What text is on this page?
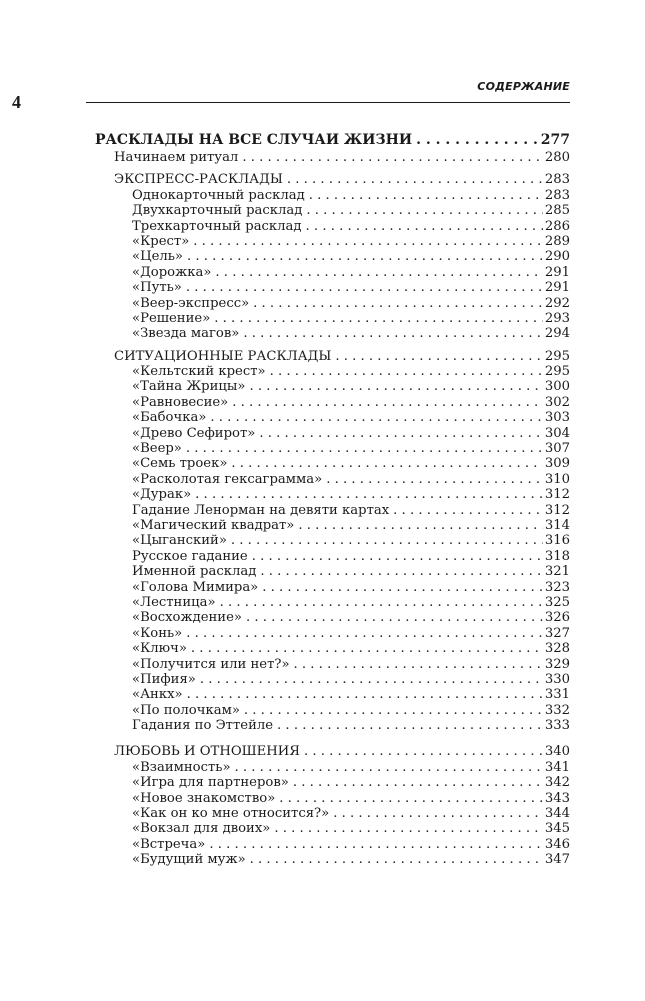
СОДЕРЖАНИЕ
4
РАСКЛАДЫ НА ВСЕ СЛУЧАИ ЖИЗНИ . . .	277
Начинаем ритуал . . .	280
ЭКСПРЕСС-РАСКЛАДЫ . . .	283
Однокарточный расклад . . .	283
Двухкарточный расклад . . .	285
Трехкарточный расклад . . .	286
«Крест» . . .	289
«Цель» . . .	290
«Дорожка» . . .	291
«Путь» . . .	291
«Веер-экспресс» . . .	292
«Решение» . . .	293
«Звезда магов» . . .	294
СИТУАЦИОННЫЕ РАСКЛАДЫ . . .	295
«Кельтский крест» . . .	295
«Тайна Жрицы» . . .	300
«Равновесие» . . .	302
«Бабочка» . . .	303
«Древо Сефирот» . . .	304
«Веер» . . .	307
«Семь троек» . . .	309
«Расколотая гексаграмма» . . .	310
«Дурак» . . .	312
Гадание Ленорман на девяти картах . . .	312
«Магический квадрат» . . .	314
«Цыганский» . . .	316
Русское гадание . . .	318
Именной расклад . . .	321
«Голова Мимира» . . .	323
«Лестница» . . .	325
«Восхождение» . . .	326
«Конь» . . .	327
«Ключ» . . .	328
«Получится или нет?» . . .	329
«Пифия» . . .	330
«Анкх» . . .	331
«По полочкам» . . .	332
Гадания по Эттейле . . .	333
ЛЮБОВЬ И ОТНОШЕНИЯ . . .	340
«Взаимность» . . .	341
«Игра для партнеров» . . .	342
«Новое знакомство» . . .	343
«Как он ко мне относится?» . . .	344
«Вокзал для двоих» . . .	345
«Встреча» . . .	346
«Будущий муж» . . .	347
